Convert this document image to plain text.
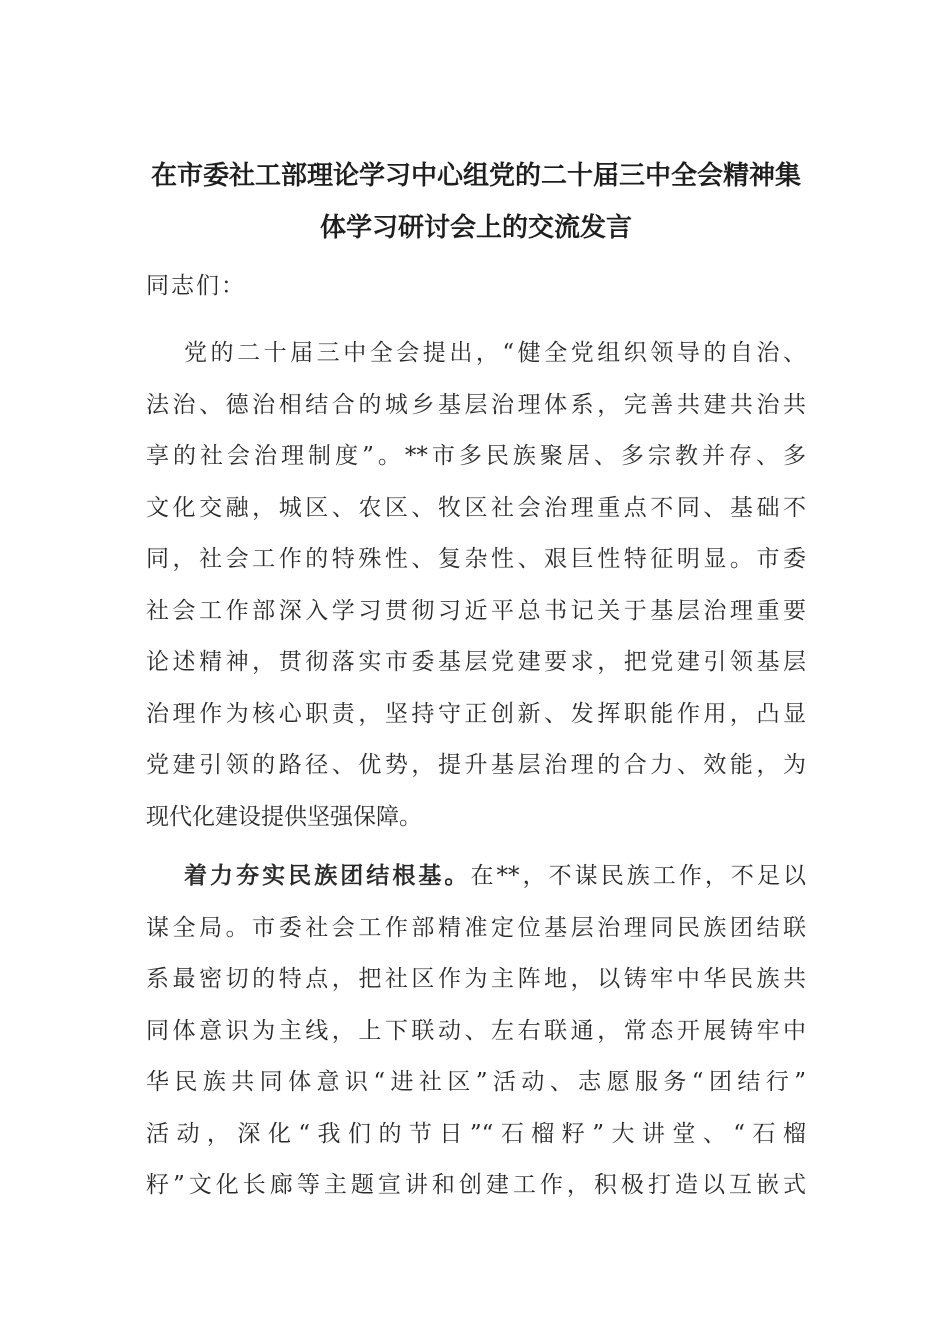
在市委社工部理论学习中心组党的二十届三中全会精神集
体学习研讨会上的交流发言
同志们：
党的二十届三中全会提出，“健全党组织领导的自治、
法治、德治相结合的城乡基层治理体系，完善共建共治共
享的社会治理制度”。**市多民族聚居、多宗教并存、多
文化交融，城区、农区、牧区社会治理重点不同、基础不
同，社会工作的特殊性、复杂性、艰巨性特征明显。市委
社会工作部深入学习贯彻习近平总书记关于基层治理重要
论述精神，贯彻落实市委基层党建要求，把党建引领基层
治理作为核心职责，坚持守正创新、发挥职能作用，凸显
党建引领的路径、优势，提升基层治理的合力、效能，为
现代化建设提供坚强保障。
着力夯实民族团结根基。在**，不谋民族工作，不足以
谋全局。市委社会工作部精准定位基层治理同民族团结联
系最密切的特点，把社区作为主阵地，以铸牢中华民族共
同体意识为主线，上下联动、左右联通，常态开展铸牢中
华民族共同体意识“进社区”活动、志愿服务“团结行”
活动，深化“我们的节日”“石榴籽”大讲堂、“石榴
籽”文化长廊等主题宣讲和创建工作，积极打造以互嵌式
